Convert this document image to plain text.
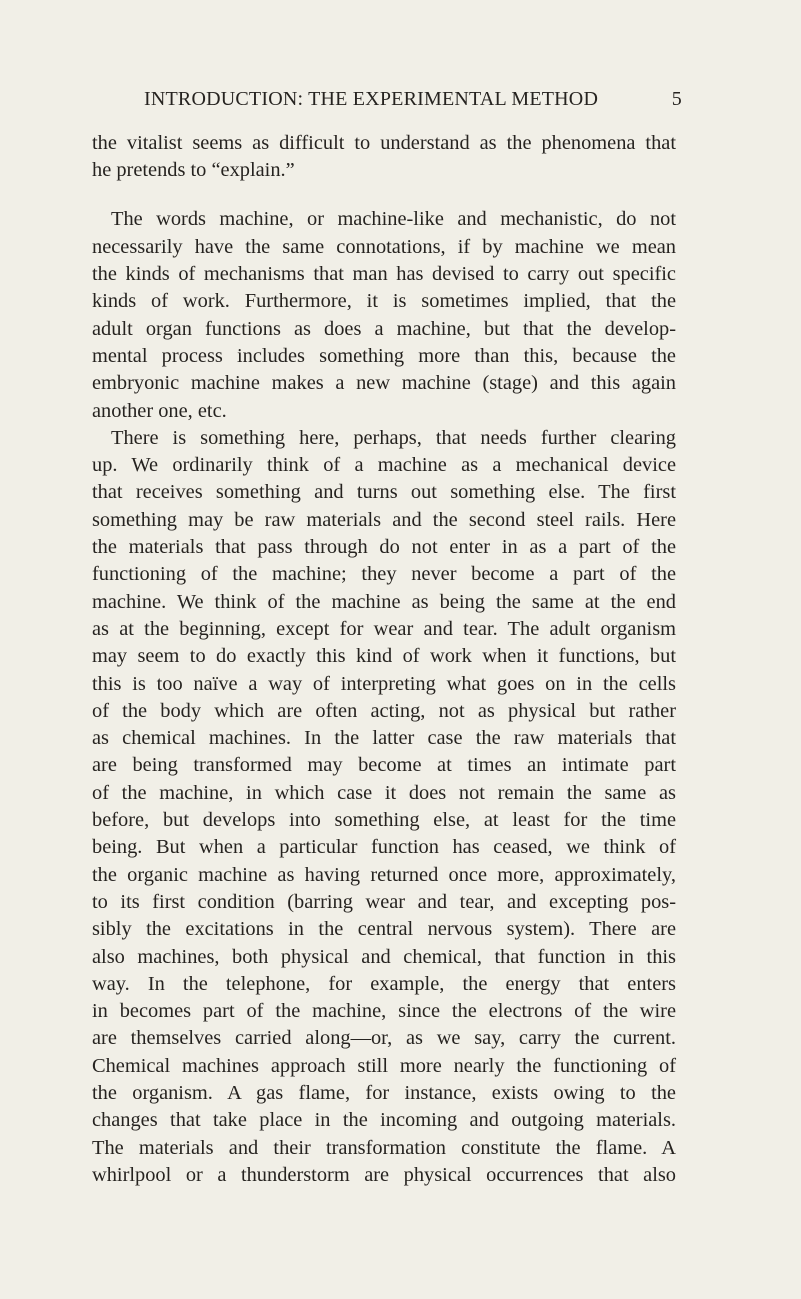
INTRODUCTION: THE EXPERIMENTAL METHOD	5
the vitalist seems as difficult to understand as the phenomena that
he pretends to “explain.”
The words machine, or machine-like and mechanistic, do not
necessarily have the same connotations, if by machine we mean
the kinds of mechanisms that man has devised to carry out specific
kinds of work. Furthermore, it is sometimes implied, that the
adult organ functions as does a machine, but that the develop-
mental process includes something more than this, because the
embryonic machine makes a new machine (stage) and this again
another one, etc.
There is something here, perhaps, that needs further clearing
up. We ordinarily think of a machine as a mechanical device
that receives something and turns out something else. The first
something may be raw materials and the second steel rails. Here
the materials that pass through do not enter in as a part of the
functioning of the machine; they never become a part of the
machine. We think of the machine as being the same at the end
as at the beginning, except for wear and tear. The adult organism
may seem to do exactly this kind of work when it functions, but
this is too naïve a way of interpreting what goes on in the cells
of the body which are often acting, not as physical but rather
as chemical machines. In the latter case the raw materials that
are being transformed may become at times an intimate part
of the machine, in which case it does not remain the same as
before, but develops into something else, at least for the time
being. But when a particular function has ceased, we think of
the organic machine as having returned once more, approximately,
to its first condition (barring wear and tear, and excepting pos-
sibly the excitations in the central nervous system). There are
also machines, both physical and chemical, that function in this
way. In the telephone, for example, the energy that enters
in becomes part of the machine, since the electrons of the wire
are themselves carried along—or, as we say, carry the current.
Chemical machines approach still more nearly the functioning of
the organism. A gas flame, for instance, exists owing to the
changes that take place in the incoming and outgoing materials.
The materials and their transformation constitute the flame. A
whirlpool or a thunderstorm are physical occurrences that also
